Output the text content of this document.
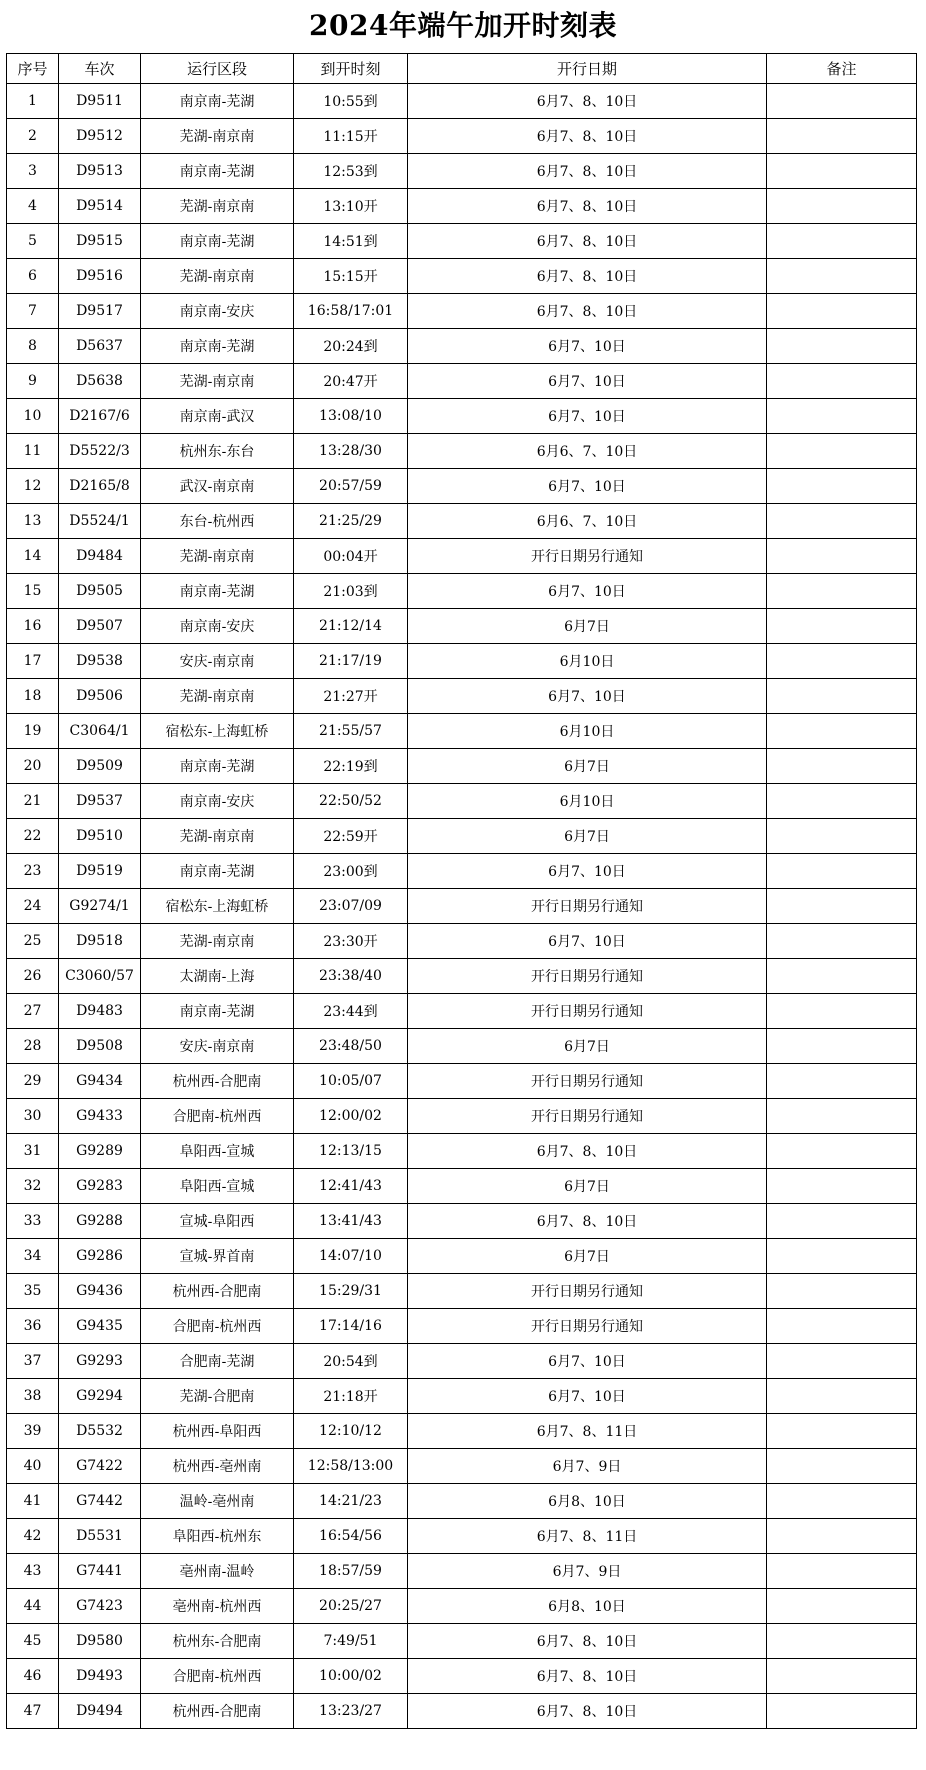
2024年端午加开时刻表
序号	车次	运行区段	到开时刻	开行日期	备注
1	D9511	南京南-芜湖	10:55到	6月7、8、10日	
2	D9512	芜湖-南京南	11:15开	6月7、8、10日	
3	D9513	南京南-芜湖	12:53到	6月7、8、10日	
4	D9514	芜湖-南京南	13:10开	6月7、8、10日	
5	D9515	南京南-芜湖	14:51到	6月7、8、10日	
6	D9516	芜湖-南京南	15:15开	6月7、8、10日	
7	D9517	南京南-安庆	16:58/17:01	6月7、8、10日	
8	D5637	南京南-芜湖	20:24到	6月7、10日	
9	D5638	芜湖-南京南	20:47开	6月7、10日	
10	D2167/6	南京南-武汉	13:08/10	6月7、10日	
11	D5522/3	杭州东-东台	13:28/30	6月6、7、10日	
12	D2165/8	武汉-南京南	20:57/59	6月7、10日	
13	D5524/1	东台-杭州西	21:25/29	6月6、7、10日	
14	D9484	芜湖-南京南	00:04开	开行日期另行通知	
15	D9505	南京南-芜湖	21:03到	6月7、10日	
16	D9507	南京南-安庆	21:12/14	6月7日	
17	D9538	安庆-南京南	21:17/19	6月10日	
18	D9506	芜湖-南京南	21:27开	6月7、10日	
19	C3064/1	宿松东-上海虹桥	21:55/57	6月10日	
20	D9509	南京南-芜湖	22:19到	6月7日	
21	D9537	南京南-安庆	22:50/52	6月10日	
22	D9510	芜湖-南京南	22:59开	6月7日	
23	D9519	南京南-芜湖	23:00到	6月7、10日	
24	G9274/1	宿松东-上海虹桥	23:07/09	开行日期另行通知	
25	D9518	芜湖-南京南	23:30开	6月7、10日	
26	C3060/57	太湖南-上海	23:38/40	开行日期另行通知	
27	D9483	南京南-芜湖	23:44到	开行日期另行通知	
28	D9508	安庆-南京南	23:48/50	6月7日	
29	G9434	杭州西-合肥南	10:05/07	开行日期另行通知	
30	G9433	合肥南-杭州西	12:00/02	开行日期另行通知	
31	G9289	阜阳西-宣城	12:13/15	6月7、8、10日	
32	G9283	阜阳西-宣城	12:41/43	6月7日	
33	G9288	宣城-阜阳西	13:41/43	6月7、8、10日	
34	G9286	宣城-界首南	14:07/10	6月7日	
35	G9436	杭州西-合肥南	15:29/31	开行日期另行通知	
36	G9435	合肥南-杭州西	17:14/16	开行日期另行通知	
37	G9293	合肥南-芜湖	20:54到	6月7、10日	
38	G9294	芜湖-合肥南	21:18开	6月7、10日	
39	D5532	杭州西-阜阳西	12:10/12	6月7、8、11日	
40	G7422	杭州西-亳州南	12:58/13:00	6月7、9日	
41	G7442	温岭-亳州南	14:21/23	6月8、10日	
42	D5531	阜阳西-杭州东	16:54/56	6月7、8、11日	
43	G7441	亳州南-温岭	18:57/59	6月7、9日	
44	G7423	亳州南-杭州西	20:25/27	6月8、10日	
45	D9580	杭州东-合肥南	7:49/51	6月7、8、10日	
46	D9493	合肥南-杭州西	10:00/02	6月7、8、10日	
47	D9494	杭州西-合肥南	13:23/27	6月7、8、10日	
